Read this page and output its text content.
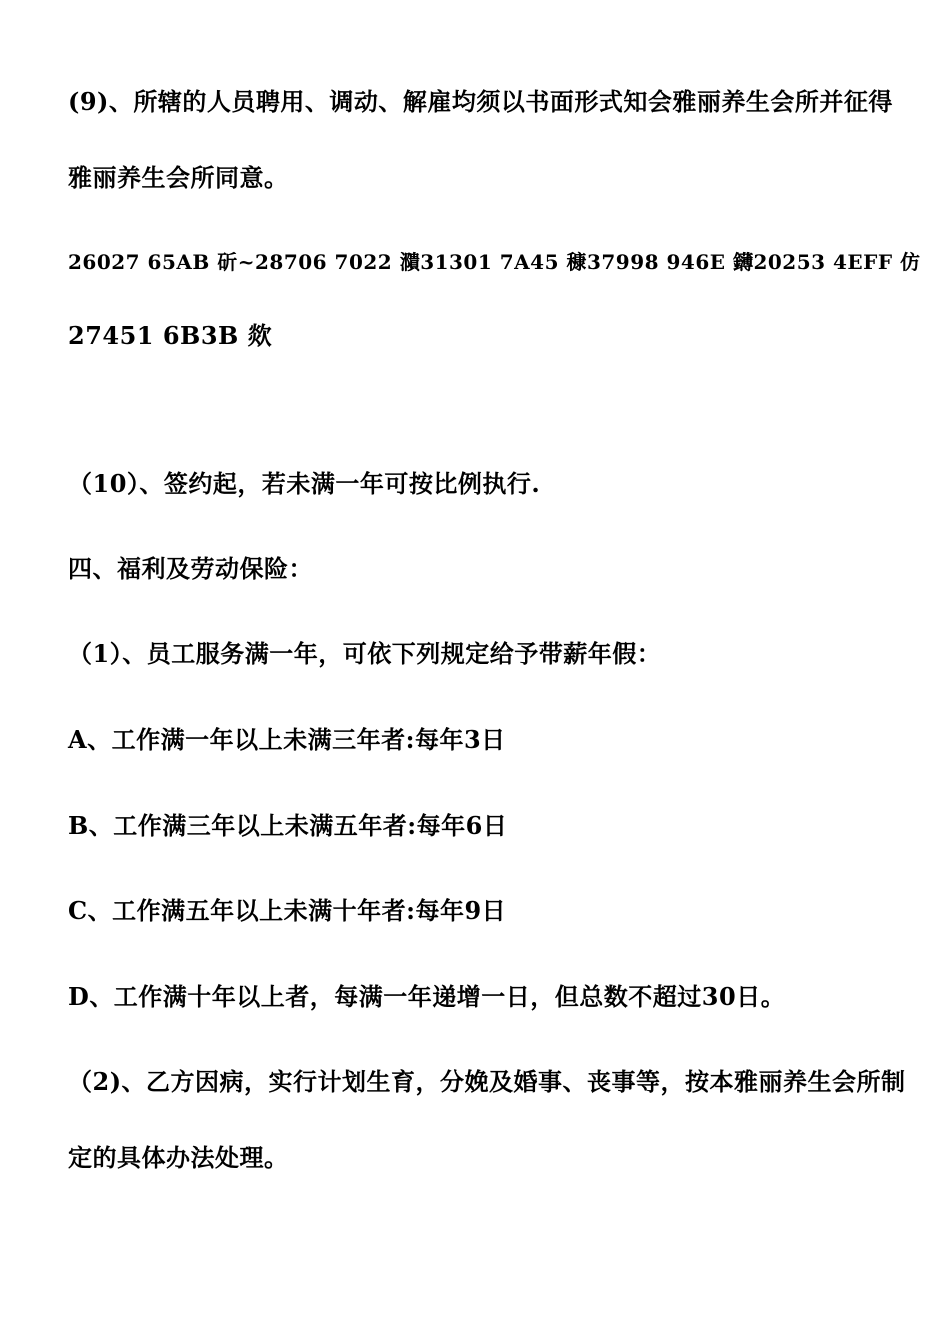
(9)、所辖的人员聘用、调动、解雇均须以书面形式知会雅丽养生会所并征得

雅丽养生会所同意。

26027 65AB 斫~28706 7022 濻31301 7A45 穅37998 946E 鑮20253 4EFF 仿

27451 6B3B 欻

（10）、签约起，若未满一年可按比例执行.

四、福利及劳动保险：

（1）、员工服务满一年，可依下列规定给予带薪年假：

A、工作满一年以上未满三年者:每年3日

B、工作满三年以上未满五年者:每年6日

C、工作满五年以上未满十年者:每年9日

D、工作满十年以上者，每满一年递增一日，但总数不超过30日。

（2)、乙方因病，实行计划生育，分娩及婚事、丧事等，按本雅丽养生会所制

定的具体办法处理。
